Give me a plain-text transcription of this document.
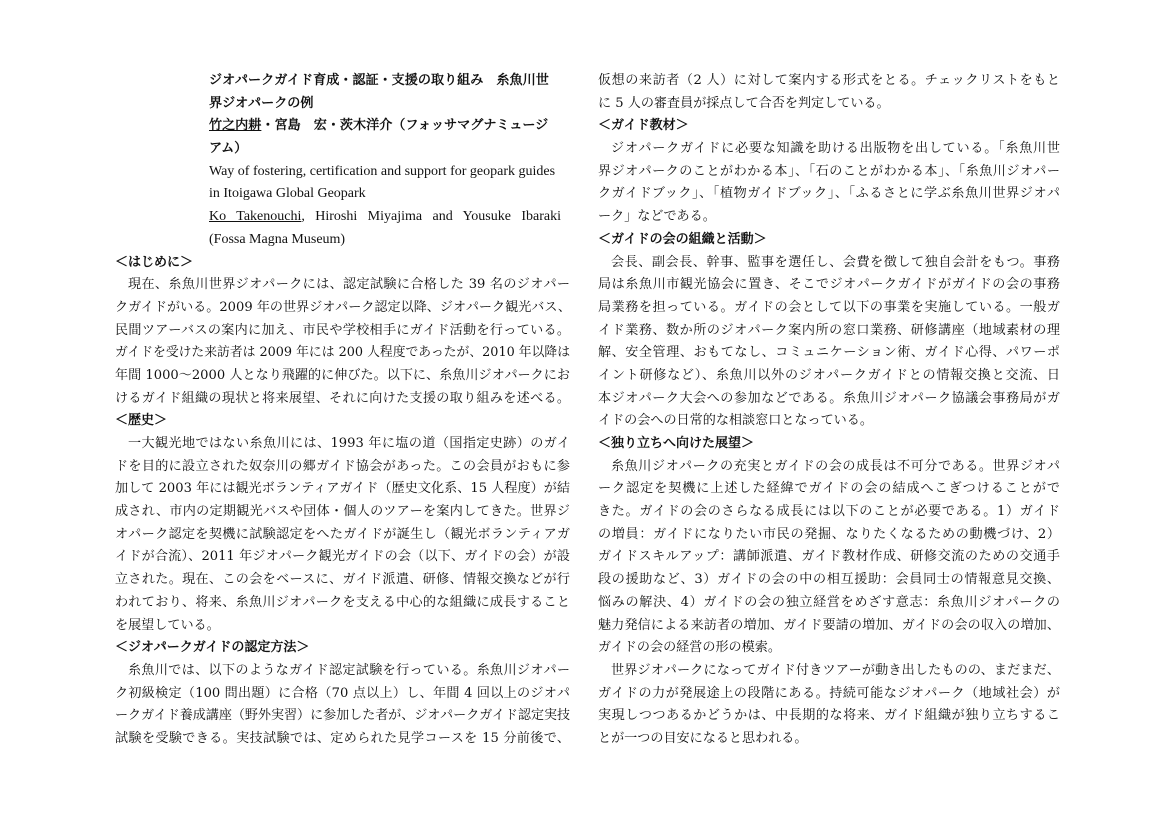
ジオパークガイド育成・認証・支援の取り組み　糸魚川世
界ジオパークの例
竹之内耕・宮島　宏・茨木洋介（フォッサマグナミュージ
アム）
Way of fostering, certification and support for geopark guides
in Itoigawa Global Geopark
Ko Takenouchi, Hiroshi Miyajima and Yousuke Ibaraki
(Fossa Magna Museum)
＜はじめに＞
現在、糸魚川世界ジオパークには、認定試験に合格した 39 名のジオパー
クガイドがいる。2009 年の世界ジオパーク認定以降、ジオパーク観光バス、
民間ツアーバスの案内に加え、市民や学校相手にガイド活動を行っている。
ガイドを受けた来訪者は 2009 年には 200 人程度であったが、2010 年以降は
年間 1000〜2000 人となり飛躍的に伸びた。以下に、糸魚川ジオパークにお
けるガイド組織の現状と将来展望、それに向けた支援の取り組みを述べる。
＜歴史＞
一大観光地ではない糸魚川には、1993 年に塩の道（国指定史跡）のガイ
ドを目的に設立された奴奈川の郷ガイド協会があった。この会員がおもに参
加して 2003 年には観光ボランティアガイド（歴史文化系、15 人程度）が結
成され、市内の定期観光バスや団体・個人のツアーを案内してきた。世界ジ
オパーク認定を契機に試験認定をへたガイドが誕生し（観光ボランティアガ
イドが合流）、2011 年ジオパーク観光ガイドの会（以下、ガイドの会）が設
立された。現在、この会をベースに、ガイド派遣、研修、情報交換などが行
われており、将来、糸魚川ジオパークを支える中心的な組織に成長すること
を展望している。
＜ジオパークガイドの認定方法＞
糸魚川では、以下のようなガイド認定試験を行っている。糸魚川ジオパー
ク初級検定（100 問出題）に合格（70 点以上）し、年間 4 回以上のジオパ
ークガイド養成講座（野外実習）に参加した者が、ジオパークガイド認定実技
試験を受験できる。実技試験では、定められた見学コースを 15 分前後で、
仮想の来訪者（2 人）に対して案内する形式をとる。チェックリストをもと
に 5 人の審査員が採点して合否を判定している。
＜ガイド教材＞
ジオパークガイドに必要な知識を助ける出版物を出している。「糸魚川世
界ジオパークのことがわかる本」、「石のことがわかる本」、「糸魚川ジオパー
クガイドブック」、「植物ガイドブック」、「ふるさとに学ぶ糸魚川世界ジオパ
ーク」などである。
＜ガイドの会の組織と活動＞
会長、副会長、幹事、監事を選任し、会費を徴して独自会計をもつ。事務
局は糸魚川市観光協会に置き、そこでジオパークガイドがガイドの会の事務
局業務を担っている。ガイドの会として以下の事業を実施している。一般ガ
イド業務、数か所のジオパーク案内所の窓口業務、研修講座（地域素材の理
解、安全管理、おもてなし、コミュニケーション術、ガイド心得、パワーポ
イント研修など）、糸魚川以外のジオパークガイドとの情報交換と交流、日
本ジオパーク大会への参加などである。糸魚川ジオパーク協議会事務局がガ
イドの会への日常的な相談窓口となっている。
＜独り立ちへ向けた展望＞
糸魚川ジオパークの充実とガイドの会の成長は不可分である。世界ジオパ
ーク認定を契機に上述した経緯でガイドの会の結成へこぎつけることがで
きた。ガイドの会のさらなる成長には以下のことが必要である。1）ガイド
の増員：ガイドになりたい市民の発掘、なりたくなるための動機づけ、2）
ガイドスキルアップ：講師派遣、ガイド教材作成、研修交流のための交通手
段の援助など、3）ガイドの会の中の相互援助：会員同士の情報意見交換、
悩みの解決、4）ガイドの会の独立経営をめざす意志：糸魚川ジオパークの
魅力発信による来訪者の増加、ガイド要請の増加、ガイドの会の収入の増加、
ガイドの会の経営の形の模索。
世界ジオパークになってガイド付きツアーが動き出したものの、まだまだ、
ガイドの力が発展途上の段階にある。持続可能なジオパーク（地域社会）が
実現しつつあるかどうかは、中長期的な将来、ガイド組織が独り立ちするこ
とが一つの目安になると思われる。
